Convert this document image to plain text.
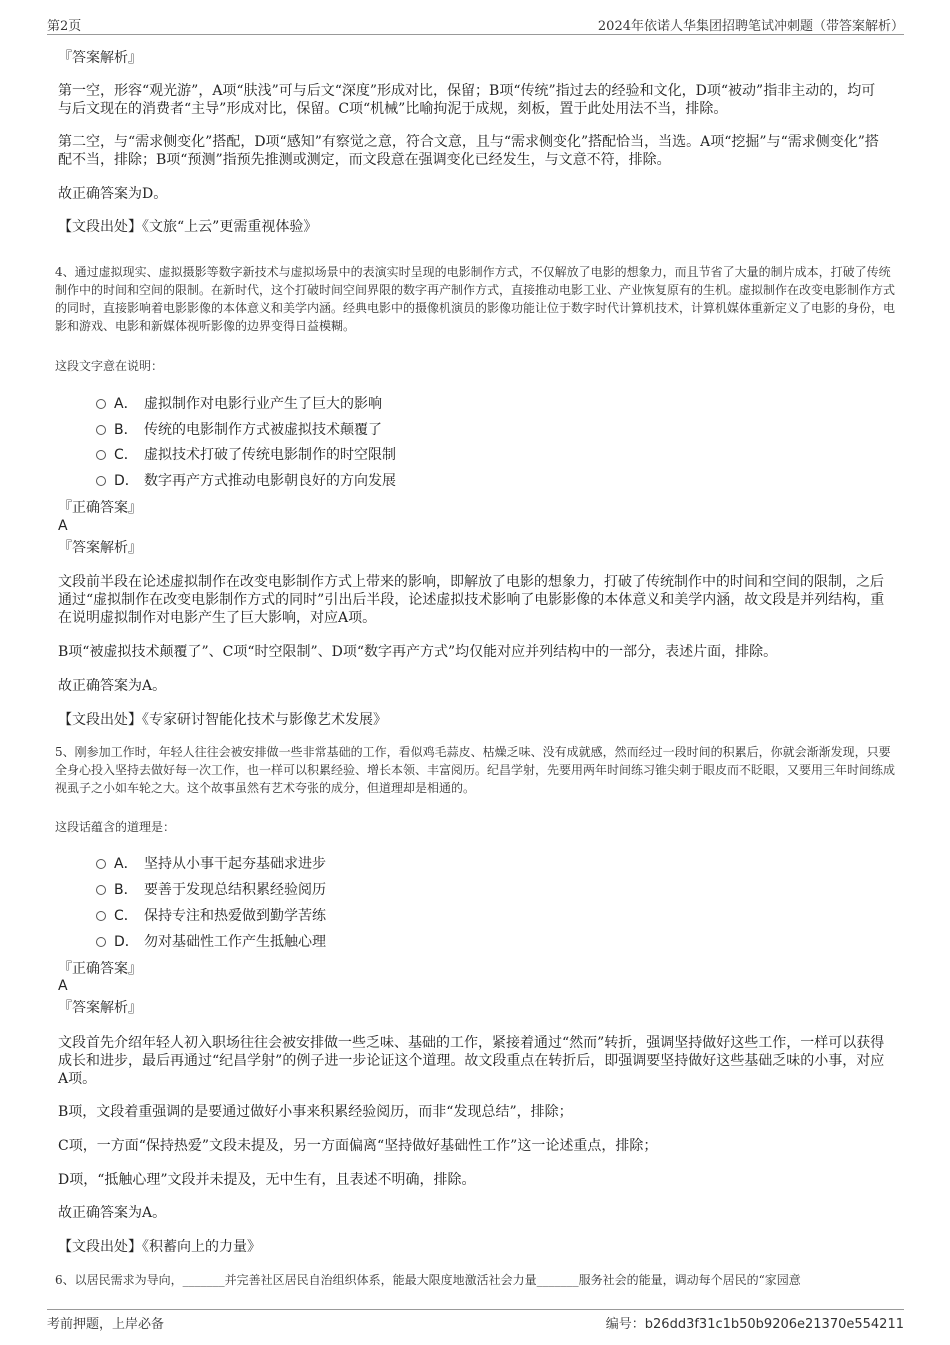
第2页	2024年依诺人华集团招聘笔试冲刺题（带答案解析）
『答案解析』
第一空，形容“观光游”，A项“肤浅”可与后文“深度”形成对比，保留；B项“传统”指过去的经验和文化，D项“被动”指非主动的，均可与后文现在的消费者“主导”形成对比，保留。C项“机械”比喻拘泥于成规，刻板，置于此处用法不当，排除。
第二空，与“需求侧变化”搭配，D项“感知”有察觉之意，符合文意，且与“需求侧变化”搭配恰当，当选。A项“挖掘”与“需求侧变化”搭配不当，排除；B项“预测”指预先推测或测定，而文段意在强调变化已经发生，与文意不符，排除。
故正确答案为D。
【文段出处】《文旅“上云”更需重视体验》
4、通过虚拟现实、虚拟摄影等数字新技术与虚拟场景中的表演实时呈现的电影制作方式，不仅解放了电影的想象力，而且节省了大量的制片成本，打破了传统制作中的时间和空间的限制。在新时代，这个打破时间空间界限的数字再产制作方式，直接推动电影工业、产业恢复原有的生机。虚拟制作在改变电影制作方式的同时，直接影响着电影影像的本体意义和美学内涵。经典电影中的摄像机演员的影像功能让位于数字时代计算机技术，计算机媒体重新定义了电影的身份，电影和游戏、电影和新媒体视听影像的边界变得日益模糊。
这段文字意在说明：
A． 虚拟制作对电影行业产生了巨大的影响
B． 传统的电影制作方式被虚拟技术颠覆了
C． 虚拟技术打破了传统电影制作的时空限制
D． 数字再产方式推动电影朝良好的方向发展
『正确答案』
A
『答案解析』
文段前半段在论述虚拟制作在改变电影制作方式上带来的影响，即解放了电影的想象力，打破了传统制作中的时间和空间的限制，之后通过“虚拟制作在改变电影制作方式的同时”引出后半段，论述虚拟技术影响了电影影像的本体意义和美学内涵，故文段是并列结构，重在说明虚拟制作对电影产生了巨大影响，对应A项。
B项“被虚拟技术颠覆了”、C项“时空限制”、D项“数字再产方式”均仅能对应并列结构中的一部分，表述片面，排除。
故正确答案为A。
【文段出处】《专家研讨智能化技术与影像艺术发展》
5、刚参加工作时，年轻人往往会被安排做一些非常基础的工作，看似鸡毛蒜皮、枯燥乏味、没有成就感，然而经过一段时间的积累后，你就会渐渐发现，只要全身心投入坚持去做好每一次工作，也一样可以积累经验、增长本领、丰富阅历。纪昌学射，先要用两年时间练习锥尖刺于眼皮而不眨眼，又要用三年时间练成视虱子之小如车轮之大。这个故事虽然有艺术夸张的成分，但道理却是相通的。
这段话蕴含的道理是：
A． 坚持从小事干起夯基础求进步
B． 要善于发现总结积累经验阅历
C． 保持专注和热爱做到勤学苦练
D． 勿对基础性工作产生抵触心理
『正确答案』
A
『答案解析』
文段首先介绍年轻人初入职场往往会被安排做一些乏味、基础的工作，紧接着通过“然而”转折，强调坚持做好这些工作，一样可以获得成长和进步，最后再通过“纪昌学射”的例子进一步论证这个道理。故文段重点在转折后，即强调要坚持做好这些基础乏味的小事，对应A项。
B项，文段着重强调的是要通过做好小事来积累经验阅历，而非“发现总结”，排除；
C项，一方面“保持热爱”文段未提及，另一方面偏离“坚持做好基础性工作”这一论述重点，排除；
D项，“抵触心理”文段并未提及，无中生有，且表述不明确，排除。
故正确答案为A。
【文段出处】《积蓄向上的力量》
6、以居民需求为导向，_______并完善社区居民自治组织体系，能最大限度地激活社会力量_______服务社会的能量，调动每个居民的“家园意
考前押题，上岸必备	编号：b26dd3f31c1b50b9206e21370e554211
